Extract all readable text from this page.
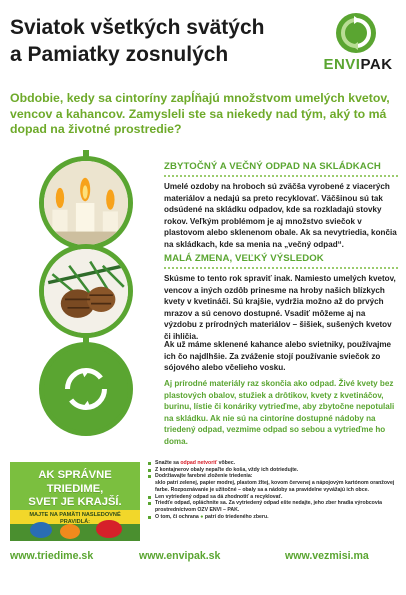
Sviatok všetkých svätých a Pamiatky zosnulých	ENVIPAK

Obdobie, kedy sa cintoríny zapĺňajú množstvom umelých kvetov, vencov a kahancov. Zamysleli ste sa niekedy nad tým, aký to má dopad na životné prostredie?

ZBYTOČNÝ A VEČNÝ ODPAD NA SKLÁDKACH

Umelé ozdoby na hroboch sú zväčša vyrobené z viacerých materiálov a nedajú sa preto recyklovať. Väčšinou sú tak odsúdené na skládku odpadov, kde sa rozkladajú stovky rokov. Veľkým problémom je aj množstvo sviečok v plastovom alebo sklenenom obale. Ak sa nevytriedia, končia na skládkach, kde sa menia na „večný odpad“.

MALÁ ZMENA, VEĽKÝ VÝSLEDOK

Skúsme to tento rok spraviť inak. Namiesto umelých kvetov, vencov a iných ozdôb prinesme na hroby našich blízkych kvety v kvetináči. Sú krajšie, vydržia možno až do prvých mrazov a sú cenovo dostupné. Vsadiť môžeme aj na výzdobu z prírodných materiálov – šišiek, sušených kvetov či ihličia.

Ak už máme sklenené kahance alebo svietniky, používajme ich čo najdlhšie. Za zváženie stojí používanie sviečok zo sójového alebo včelieho vosku.

Aj prírodné materiály raz skončia ako odpad. Živé kvety bez plastových obalov, stužiek a drôtikov, kvety z kvetináčov, burinu, lístie či konáriky vytrieďme, aby zbytočne nepotulali na skládku. Ak nie sú na cintoríne dostupné nádoby na triedený odpad, vezmime odpad so sebou a vytrieďme ho doma.

AK SPRÁVNE TRIEDIME,
SVET JE KRAJŠÍ.
MAJTE NA PAMÄTI NASLEDOVNÉ PRAVIDLÁ:
Snažte sa odpad netvoriť vôbec.
Z kontajnerov obaly nepaľte do koša, vždy ich dotriedujte.
Dodržiavajte farebné zloženie triedenia:
sklo patrí zelenej, papier modrej, plastom žltej, kovom červenej a nápojovým kartónom oranžovej farbe. Rozpoznávanie je užitočné – obaly sa a nádoby sa pravidelne vyvážajú ich obce.
Len vytriedený odpad sa dá zhodnotiť a recyklovať.
Triedťe odpad, opláchnite sa. Za vytriedený odpad ešte nedajte, jeho zber hradia výrobcovia prostredníctvom OZV ENVI – PAK.
O tom, či ochrana ● patrí do triedeného zberu.
www.triedime.sk	www.envipak.sk	www.vezmisi.ma
